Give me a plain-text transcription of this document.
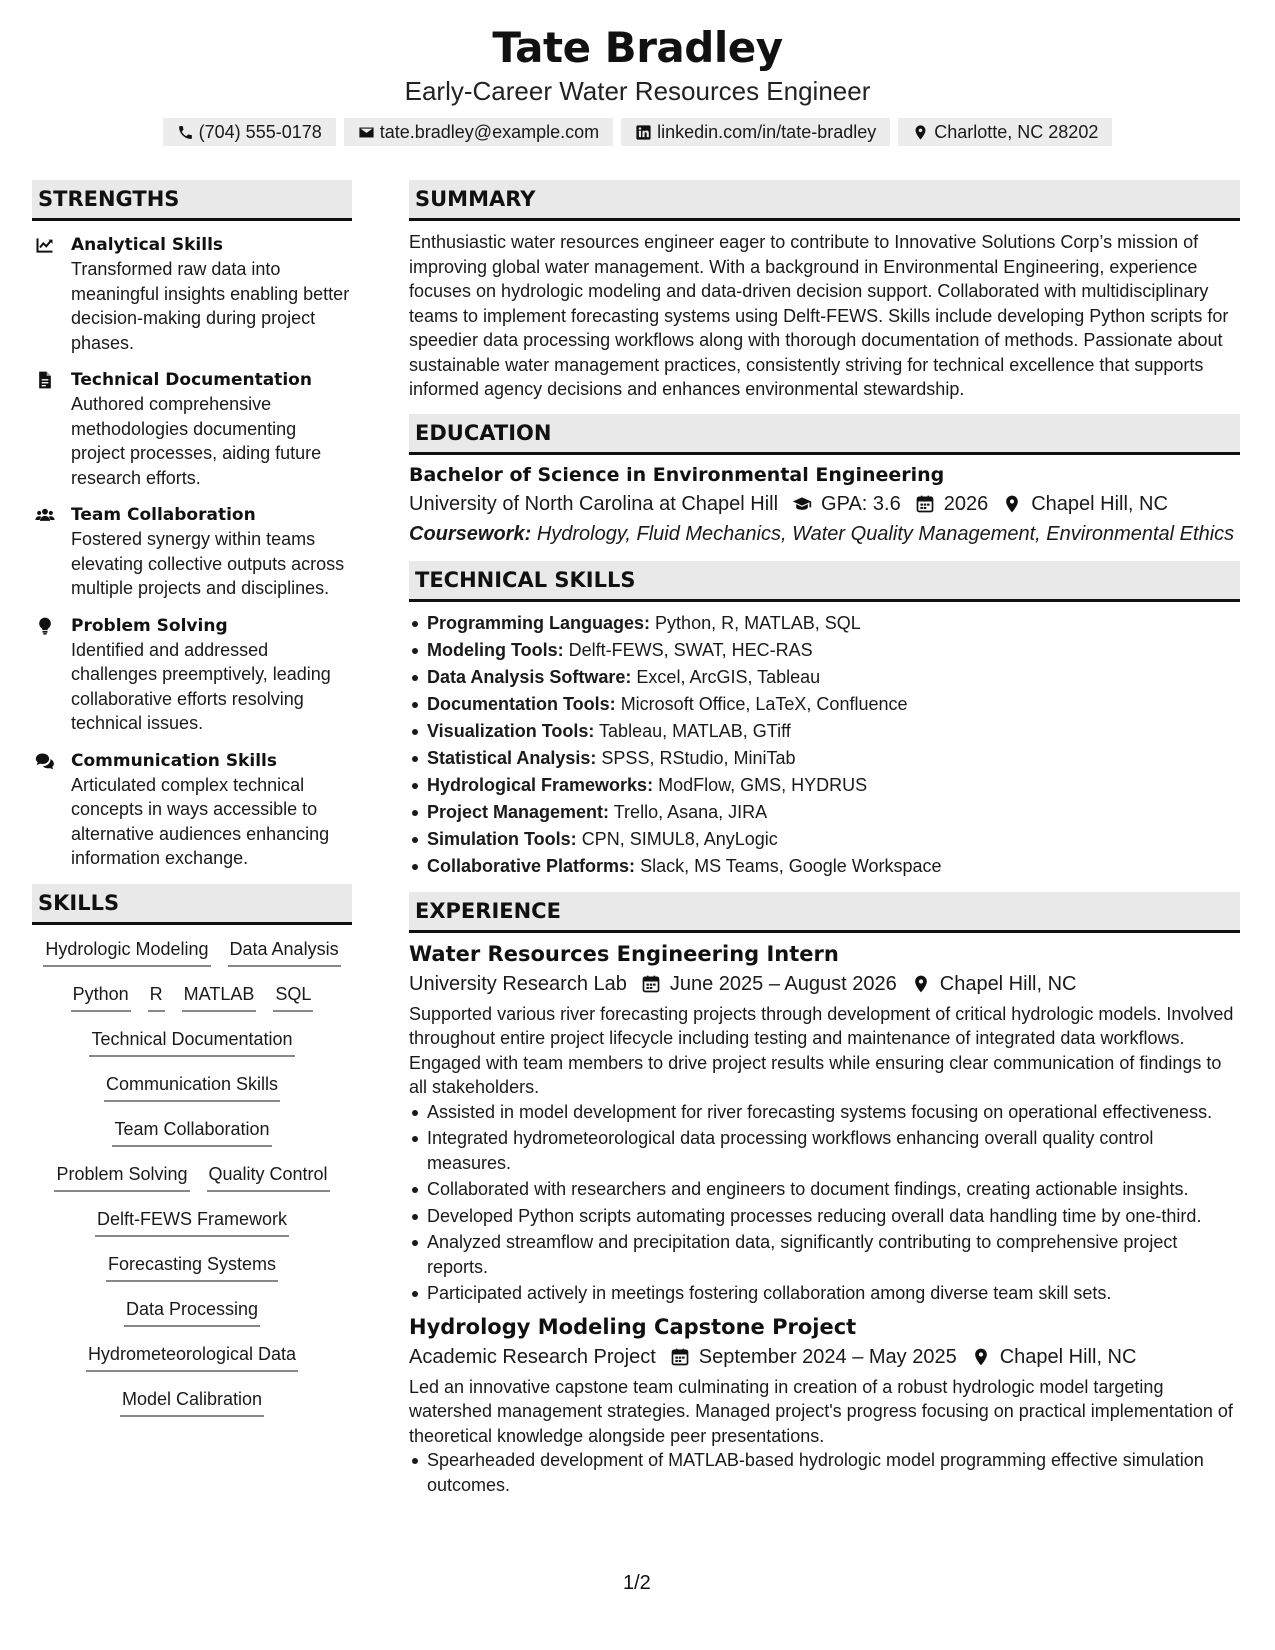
Tate Bradley
Early-Career Water Resources Engineer
(704) 555-0178	tate.bradley@example.com	linkedin.com/in/tate-bradley	Charlotte, NC 28202
STRENGTHS
Analytical Skills
Transformed raw data into meaningful insights enabling better decision-making during project phases.
Technical Documentation
Authored comprehensive methodologies documenting project processes, aiding future research efforts.
Team Collaboration
Fostered synergy within teams elevating collective outputs across multiple projects and disciplines.
Problem Solving
Identified and addressed challenges preemptively, leading collaborative efforts resolving technical issues.
Communication Skills
Articulated complex technical concepts in ways accessible to alternative audiences enhancing information exchange.
SKILLS
Hydrologic Modeling Data Analysis
Python R MATLAB SQL
Technical Documentation
Communication Skills
Team Collaboration
Problem Solving Quality Control
Delft-FEWS Framework
Forecasting Systems
Data Processing
Hydrometeorological Data
Model Calibration
SUMMARY
Enthusiastic water resources engineer eager to contribute to Innovative Solutions Corp’s mission of improving global water management. With a background in Environmental Engineering, experience focuses on hydrologic modeling and data-driven decision support. Collaborated with multidisciplinary teams to implement forecasting systems using Delft-FEWS. Skills include developing Python scripts for speedier data processing workflows along with thorough documentation of methods. Passionate about sustainable water management practices, consistently striving for technical excellence that supports informed agency decisions and enhances environmental stewardship.
EDUCATION
Bachelor of Science in Environmental Engineering
University of North Carolina at Chapel Hill GPA: 3.6 2026 Chapel Hill, NC
Coursework: Hydrology, Fluid Mechanics, Water Quality Management, Environmental Ethics
TECHNICAL SKILLS
Programming Languages: Python, R, MATLAB, SQL
Modeling Tools: Delft-FEWS, SWAT, HEC-RAS
Data Analysis Software: Excel, ArcGIS, Tableau
Documentation Tools: Microsoft Office, LaTeX, Confluence
Visualization Tools: Tableau, MATLAB, GTiff
Statistical Analysis: SPSS, RStudio, MiniTab
Hydrological Frameworks: ModFlow, GMS, HYDRUS
Project Management: Trello, Asana, JIRA
Simulation Tools: CPN, SIMUL8, AnyLogic
Collaborative Platforms: Slack, MS Teams, Google Workspace
EXPERIENCE
Water Resources Engineering Intern
University Research Lab June 2025 – August 2026 Chapel Hill, NC
Supported various river forecasting projects through development of critical hydrologic models. Involved throughout entire project lifecycle including testing and maintenance of integrated data workflows. Engaged with team members to drive project results while ensuring clear communication of findings to all stakeholders.
Assisted in model development for river forecasting systems focusing on operational effectiveness.
Integrated hydrometeorological data processing workflows enhancing overall quality control measures.
Collaborated with researchers and engineers to document findings, creating actionable insights.
Developed Python scripts automating processes reducing overall data handling time by one-third.
Analyzed streamflow and precipitation data, significantly contributing to comprehensive project reports.
Participated actively in meetings fostering collaboration among diverse team skill sets.
Hydrology Modeling Capstone Project
Academic Research Project September 2024 – May 2025 Chapel Hill, NC
Led an innovative capstone team culminating in creation of a robust hydrologic model targeting watershed management strategies. Managed project's progress focusing on practical implementation of theoretical knowledge alongside peer presentations.
Spearheaded development of MATLAB-based hydrologic model programming effective simulation outcomes.
1/2
